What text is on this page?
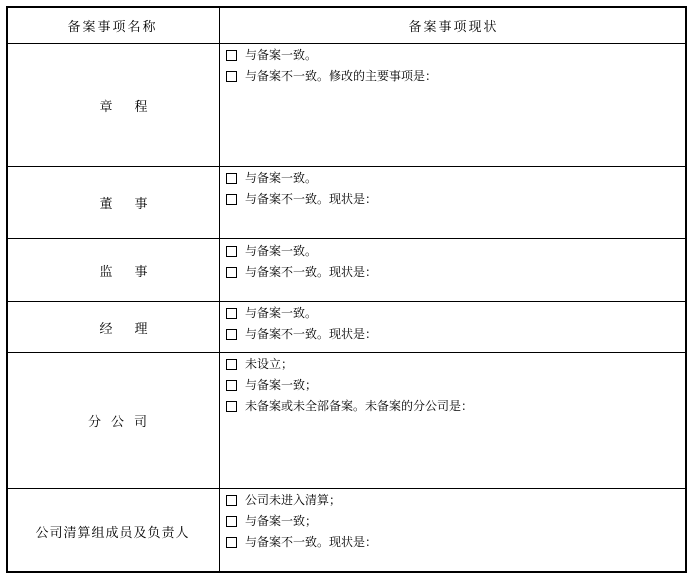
备案事项名称	备案事项现状
章程
与备案一致。
与备案不一致。修改的主要事项是：
董事
与备案一致。
与备案不一致。现状是：
监事
与备案一致。
与备案不一致。现状是：
经理
与备案一致。
与备案不一致。现状是：
分公司
未设立；
与备案一致；
未备案或未全部备案。未备案的分公司是：
公司清算组成员及负责人
公司未进入清算；
与备案一致；
与备案不一致。现状是：
